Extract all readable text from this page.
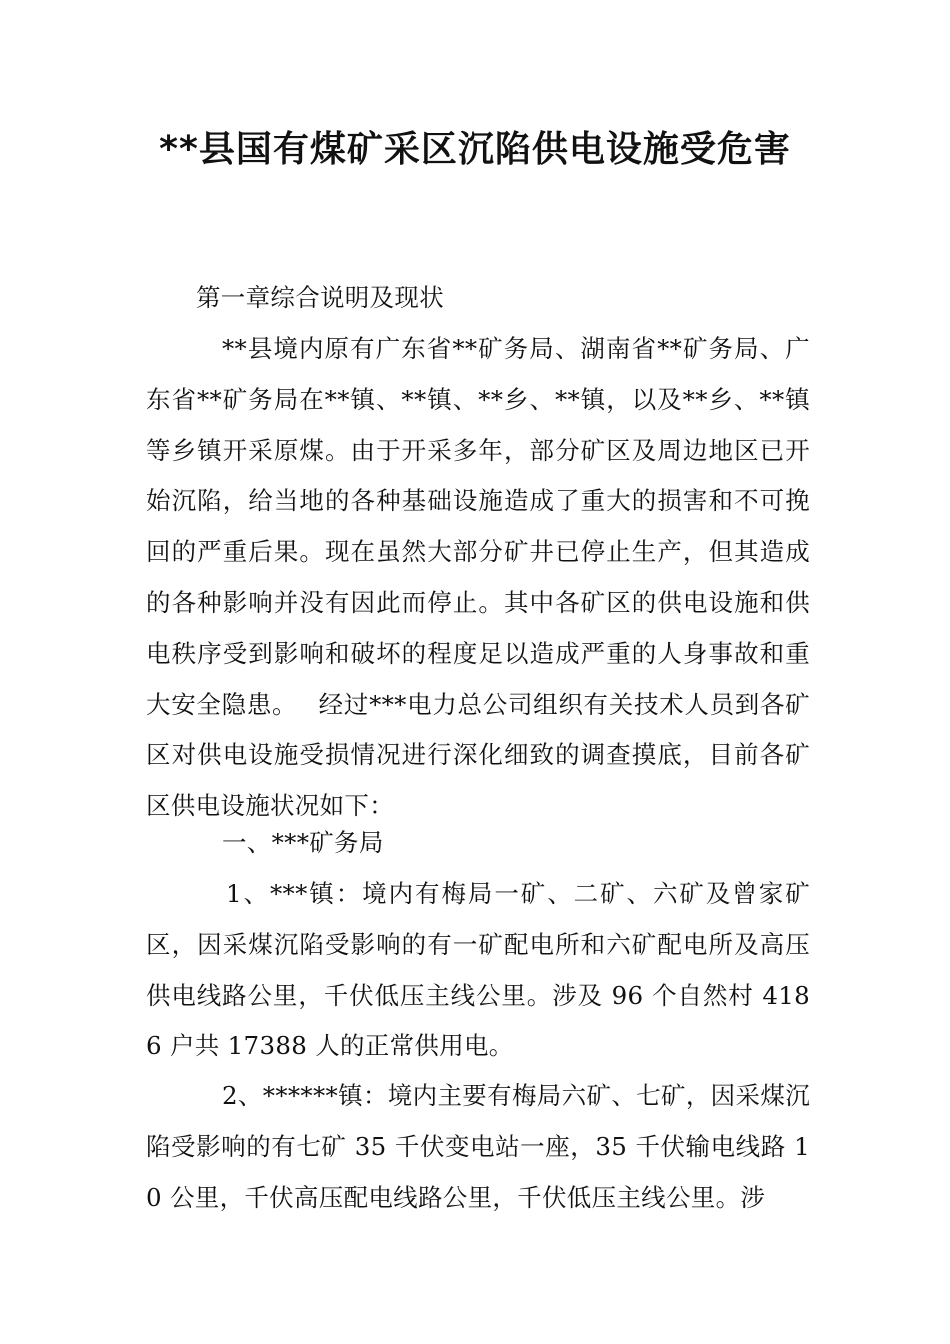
**县国有煤矿采区沉陷供电设施受危害

第一章综合说明及现状

**县境内原有广东省**矿务局、湖南省**矿务局、广东省**矿务局在**镇、**镇、**乡、**镇，以及**乡、**镇等乡镇开采原煤。由于开采多年，部分矿区及周边地区已开始沉陷，给当地的各种基础设施造成了重大的损害和不可挽回的严重后果。现在虽然大部分矿井已停止生产，但其造成的各种影响并没有因此而停止。其中各矿区的供电设施和供电秩序受到影响和破坏的程度足以造成严重的人身事故和重大安全隐患。　 经过***电力总公司组织有关技术人员到各矿区对供电设施受损情况进行深化细致的调查摸底，目前各矿区供电设施状况如下：

一、***矿务局

1、***镇：境内有梅局一矿、二矿、六矿及曾家矿区，因采煤沉陷受影响的有一矿配电所和六矿配电所及高压供电线路公里，千伏低压主线公里。涉及 96 个自然村 4186 户共 17388 人的正常供用电。

2、******镇：境内主要有梅局六矿、七矿，因采煤沉陷受影响的有七矿 35 千伏变电站一座，35 千伏输电线路 10 公里，千伏高压配电线路公里，千伏低压主线公里。涉
